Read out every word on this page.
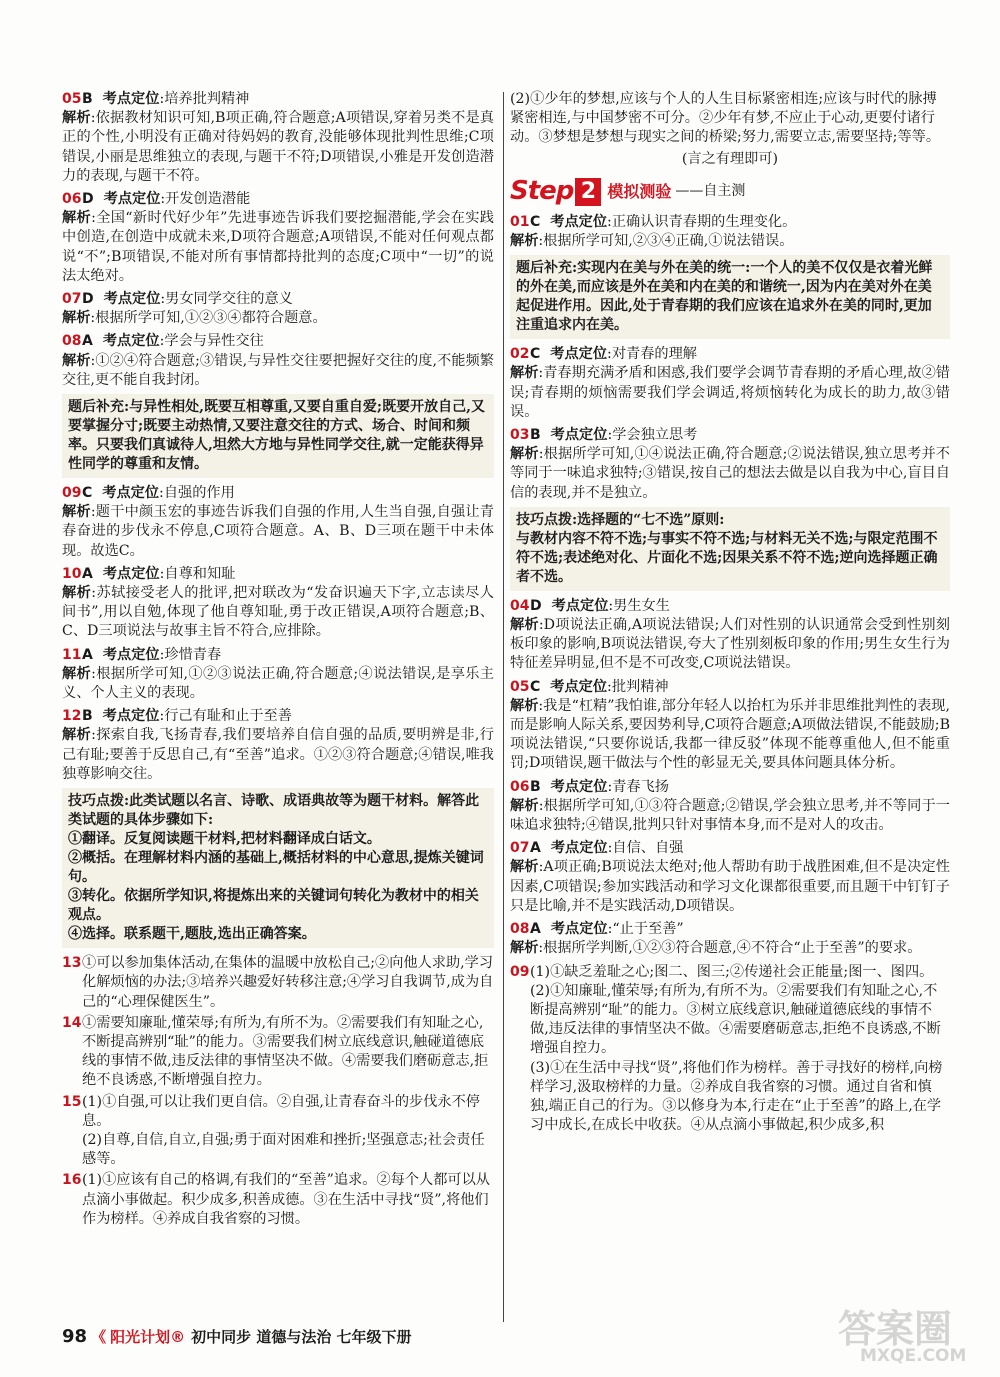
05 B 考点定位 :培养批判精神
解析:依据教材知识可知,B项正确,符合题意;A项错误,穿着另类不是真正的个性,小明没有正确对待妈妈的教育,没能够体现批判性思维;C项错误,小丽是思维独立的表现,与题干不符;D项错误,小雅是开发创造潜力的表现,与题干不符。
06 D 考点定位 :开发创造潜能
解析:全国“新时代好少年”先进事迹告诉我们要挖掘潜能,学会在实践中创造,在创造中成就未来,D项符合题意;A项错误,不能对任何观点都说“不”;B项错误,不能对所有事情都持批判的态度;C项中“一切”的说法太绝对。
07 D 考点定位 :男女同学交往的意义
解析:根据所学可知,①②③④都符合题意。
08 A 考点定位 :学会与异性交往
解析:①②④符合题意;③错误,与异性交往要把握好交往的度,不能频繁交往,更不能自我封闭。
题后补充:与异性相处,既要互相尊重,又要自重自爱;既要开放自己,又要掌握分寸;既要主动热情,又要注意交往的方式、场合、时间和频率。只要我们真诚待人,坦然大方地与异性同学交往,就一定能获得异性同学的尊重和友情。
09 C 考点定位 :自强的作用
解析:题干中颜玉宏的事迹告诉我们自强的作用,人生当自强,自强让青春奋进的步伐永不停息,C项符合题意。A、B、D三项在题干中未体现。故选C。
10 A 考点定位 :自尊和知耻
解析:苏轼接受老人的批评,把对联改为“发奋识遍天下字,立志读尽人间书”,用以自勉,体现了他自尊知耻,勇于改正错误,A项符合题意;B、C、D三项说法与故事主旨不符合,应排除。
11 A 考点定位 :珍惜青春
解析:根据所学可知,①②③说法正确,符合题意;④说法错误,是享乐主义、个人主义的表现。
12 B 考点定位 :行己有耻和止于至善
解析:探索自我,飞扬青春,我们要培养自信自强的品质,要明辨是非,行己有耻;要善于反思自己,有“至善”追求。①②③符合题意;④错误,唯我独尊影响交往。
技巧点拨:此类试题以名言、诗歌、成语典故等为题干材料。解答此类试题的具体步骤如下:
①翻译。反复阅读题干材料,把材料翻译成白话文。
②概括。在理解材料内涵的基础上,概括材料的中心意思,提炼关键词句。
③转化。依据所学知识,将提炼出来的关键词句转化为教材中的相关观点。
④选择。联系题干,题肢,选出正确答案。
13 ①可以参加集体活动,在集体的温暖中放松自己;②向他人求助,学习化解烦恼的办法;③培养兴趣爱好转移注意;④学习自我调节,成为自己的“心理保健医生”。
14 ①需要知廉耻,懂荣辱;有所为,有所不为。②需要我们有知耻之心,不断提高辨别“耻”的能力。③需要我们树立底线意识,触碰道德底线的事情不做,违反法律的事情坚决不做。④需要我们磨砺意志,拒绝不良诱惑,不断增强自控力。
15 (1)①自强,可以让我们更自信。②自强,让青春奋斗的步伐永不停息。
(2)自尊,自信,自立,自强;勇于面对困难和挫折;坚强意志;社会责任感等。
16 (1)①应该有自己的格调,有我们的“至善”追求。②每个人都可以从点滴小事做起。积少成多,积善成德。③在生活中寻找“贤”,将他们作为榜样。④养成自我省察的习惯。
(2)①少年的梦想,应该与个人的人生目标紧密相连;应该与时代的脉搏紧密相连,与中国梦密不可分。②少年有梦,不应止于心动,更要付诸行动。③梦想是梦想与现实之间的桥梁;努力,需要立志,需要坚持;等等。
(言之有理即可)
Step 2 模拟测验 ——自主测
01 C 考点定位 :正确认识青春期的生理变化。
解析:根据所学可知,②③④正确,①说法错误。
题后补充:实现内在美与外在美的统一:一个人的美不仅仅是衣着光鲜的外在美,而应该是外在美和内在美的和谐统一,因为内在美对外在美起促进作用。因此,处于青春期的我们应该在追求外在美的同时,更加注重追求内在美。
02 C 考点定位 :对青春的理解
解析:青春期充满矛盾和困惑,我们要学会调节青春期的矛盾心理,故②错误;青春期的烦恼需要我们学会调适,将烦恼转化为成长的助力,故③错误。
03 B 考点定位 :学会独立思考
解析:根据所学可知,①④说法正确,符合题意;②说法错误,独立思考并不等同于一味追求独特;③错误,按自己的想法去做是以自我为中心,盲目自信的表现,并不是独立。
技巧点拨:选择题的“七不选”原则:
与教材内容不符不选;与事实不符不选;与材料无关不选;与限定范围不符不选;表述绝对化、片面化不选;因果关系不符不选;逆向选择题正确者不选。
04 D 考点定位 :男生女生
解析:D项说法正确,A项说法错误;人们对性别的认识通常会受到性别刻板印象的影响,B项说法错误,夸大了性别刻板印象的作用;男生女生行为特征差异明显,但不是不可改变,C项说法错误。
05 C 考点定位 :批判精神
解析:我是“杠精”我怕谁,部分年轻人以抬杠为乐并非思维批判性的表现,而是影响人际关系,要因势利导,C项符合题意;A项做法错误,不能鼓励;B项说法错误,“只要你说话,我都一律反驳”体现不能尊重他人,但不能重罚;D项错误,题干做法与个性的彰显无关,要具体问题具体分析。
06 B 考点定位 :青春飞扬
解析:根据所学可知,①③符合题意;②错误,学会独立思考,并不等同于一味追求独特;④错误,批判只针对事情本身,而不是对人的攻击。
07 A 考点定位 :自信、自强
解析:A项正确;B项说法太绝对;他人帮助有助于战胜困难,但不是决定性因素,C项错误;参加实践活动和学习文化课都很重要,而且题干中钉钉子只是比喻,并不是实践活动,D项错误。
08 A 考点定位 :“止于至善”
解析:根据所学判断,①②③符合题意,④不符合“止于至善”的要求。
09 (1)①缺乏羞耻之心;图二、图三;②传递社会正能量;图一、图四。
(2)①知廉耻,懂荣辱;有所为,有所不为。②需要我们有知耻之心,不断提高辨别“耻”的能力。③树立底线意识,触碰道德底线的事情不做,违反法律的事情坚决不做。④需要磨砺意志,拒绝不良诱惑,不断增强自控力。
(3)①在生活中寻找“贤”,将他们作为榜样。善于寻找好的榜样,向榜样学习,汲取榜样的力量。②养成自我省察的习惯。通过自省和慎独,端正自己的行为。③以修身为本,行走在“止于至善”的路上,在学习中成长,在成长中收获。④从点滴小事做起,积少成多,积
98 《 阳光计划® 初中同步 道德与法治 七年级下册	答案圈
MXQE.COM
